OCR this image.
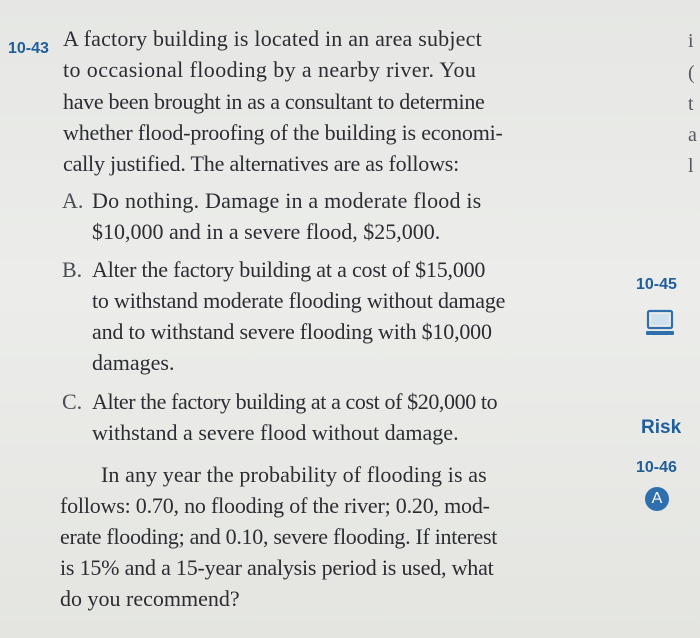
10-43 A factory building is located in an area subject
to occasional flooding by a nearby river. You
have been brought in as a consultant to determine
whether flood-proofing of the building is economi-
cally justified. The alternatives are as follows:
A. Do nothing. Damage in a moderate flood is
$10,000 and in a severe flood, $25,000.
B. Alter the factory building at a cost of $15,000
to withstand moderate flooding without damage
and to withstand severe flooding with $10,000
damages.
C. Alter the factory building at a cost of $20,000 to
withstand a severe flood without damage.
In any year the probability of flooding is as
follows: 0.70, no flooding of the river; 0.20, mod-
erate flooding; and 0.10, severe flooding. If interest
is 15% and a 15-year analysis period is used, what
do you recommend?
10-45
Risk
10-46
A
i
(
t
a
l
